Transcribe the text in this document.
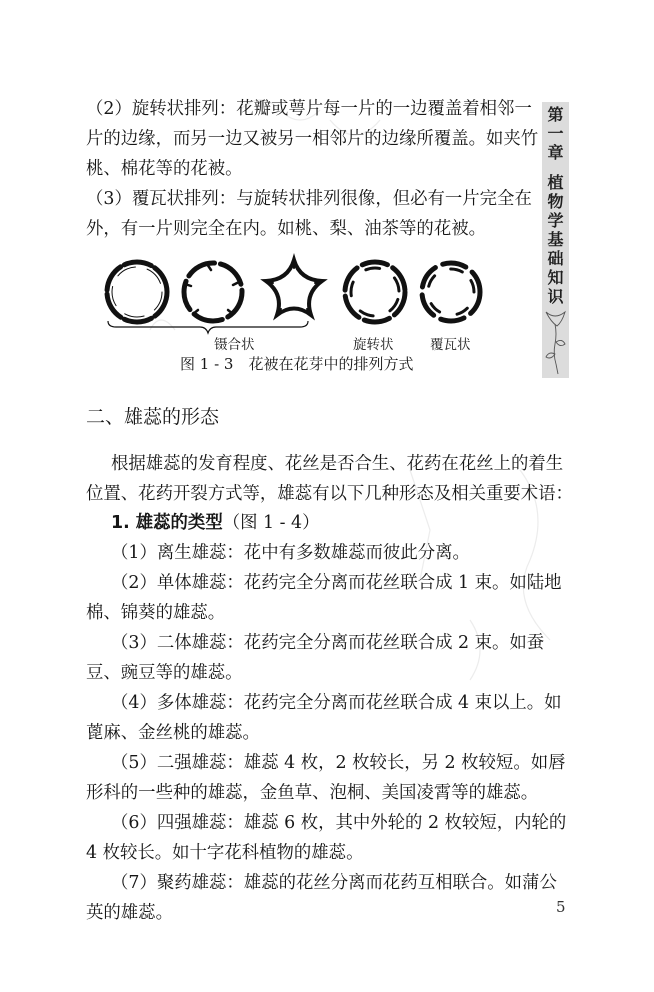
第
一
章
植
物
学
基
础
知
识
（2）旋转状排列：花瓣或萼片每一片的一边覆盖着相邻一
片的边缘，而另一边又被另一相邻片的边缘所覆盖。如夹竹
桃、棉花等的花被。
（3）覆瓦状排列：与旋转状排列很像，但必有一片完全在
外，有一片则完全在内。如桃、梨、油茶等的花被。
镊合状	旋转状	覆瓦状
图 1 - 3　花被在花芽中的排列方式
二、雄蕊的形态
根据雄蕊的发育程度、花丝是否合生、花药在花丝上的着生
位置、花药开裂方式等，雄蕊有以下几种形态及相关重要术语：
1. 雄蕊的类型（图 1 - 4）
（1）离生雄蕊：花中有多数雄蕊而彼此分离。
（2）单体雄蕊：花药完全分离而花丝联合成 1 束。如陆地
棉、锦葵的雄蕊。
（3）二体雄蕊：花药完全分离而花丝联合成 2 束。如蚕
豆、豌豆等的雄蕊。
（4）多体雄蕊：花药完全分离而花丝联合成 4 束以上。如
蓖麻、金丝桃的雄蕊。
（5）二强雄蕊：雄蕊 4 枚，2 枚较长，另 2 枚较短。如唇
形科的一些种的雄蕊，金鱼草、泡桐、美国凌霄等的雄蕊。
（6）四强雄蕊：雄蕊 6 枚，其中外轮的 2 枚较短，内轮的
4 枚较长。如十字花科植物的雄蕊。
（7）聚药雄蕊：雄蕊的花丝分离而花药互相联合。如蒲公
英的雄蕊。	5
